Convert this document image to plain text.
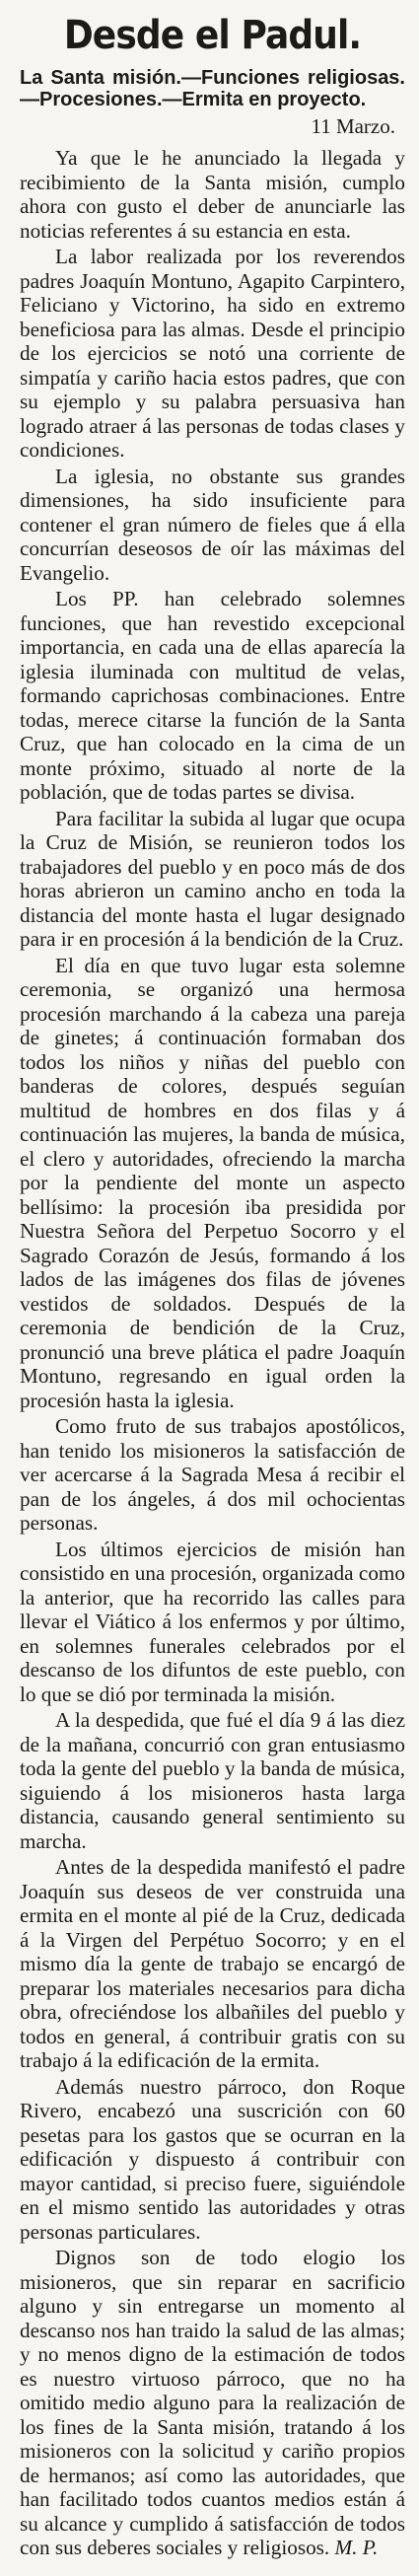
Desde el Padul.
La Santa misión.—Funciones religiosas.—Procesiones.—Ermita en proyecto.
11 Marzo.

Ya que le he anunciado la llegada y recibimiento de la Santa misión, cumplo ahora con gusto el deber de anunciarle las noticias referentes á su estancia en esta.

La labor realizada por los reverendos padres Joaquín Montuno, Agapito Carpintero, Feliciano y Victorino, ha sido en extremo beneficiosa para las almas. Desde el principio de los ejercicios se notó una corriente de simpatía y cariño hacia estos padres, que con su ejemplo y su palabra persuasiva han logrado atraer á las personas de todas clases y condiciones.

La iglesia, no obstante sus grandes dimensiones, ha sido insuficiente para contener el gran número de fieles que á ella concurrían deseosos de oír las máximas del Evangelio.

Los PP. han celebrado solemnes funciones, que han revestido excepcional importancia, en cada una de ellas aparecía la iglesia iluminada con multitud de velas, formando caprichosas combinaciones. Entre todas, merece citarse la función de la Santa Cruz, que han colocado en la cima de un monte próximo, situado al norte de la población, que de todas partes se divisa.

Para facilitar la subida al lugar que ocupa la Cruz de Misión, se reunieron todos los trabajadores del pueblo y en poco más de dos horas abrieron un camino ancho en toda la distancia del monte hasta el lugar designado para ir en procesión á la bendición de la Cruz.

El día en que tuvo lugar esta solemne ceremonia, se organizó una hermosa procesión marchando á la cabeza una pareja de ginetes; á continuación formaban dos todos los niños y niñas del pueblo con banderas de colores, después seguían multitud de hombres en dos filas y á continuación las mujeres, la banda de música, el clero y autoridades, ofreciendo la marcha por la pendiente del monte un aspecto bellísimo: la procesión iba presidida por Nuestra Señora del Perpetuo Socorro y el Sagrado Corazón de Jesús, formando á los lados de las imágenes dos filas de jóvenes vestidos de soldados. Después de la ceremonia de bendición de la Cruz, pronunció una breve plática el padre Joaquín Montuno, regresando en igual orden la procesión hasta la iglesia.

Como fruto de sus trabajos apostólicos, han tenido los misioneros la satisfacción de ver acercarse á la Sagrada Mesa á recibir el pan de los ángeles, á dos mil ochocientas personas.

Los últimos ejercicios de misión han consistido en una procesión, organizada como la anterior, que ha recorrido las calles para llevar el Viático á los enfermos y por último, en solemnes funerales celebrados por el descanso de los difuntos de este pueblo, con lo que se dió por terminada la misión.

A la despedida, que fué el día 9 á las diez de la mañana, concurrió con gran entusiasmo toda la gente del pueblo y la banda de música, siguiendo á los misioneros hasta larga distancia, causando general sentimiento su marcha.

Antes de la despedida manifestó el padre Joaquín sus deseos de ver construida una ermita en el monte al pié de la Cruz, dedicada á la Virgen del Perpétuo Socorro; y en el mismo día la gente de trabajo se encargó de preparar los materiales necesarios para dicha obra, ofreciéndose los albañiles del pueblo y todos en general, á contribuir gratis con su trabajo á la edificación de la ermita.

Además nuestro párroco, don Roque Rivero, encabezó una suscrición con 60 pesetas para los gastos que se ocurran en la edificación y dispuesto á contribuir con mayor cantidad, si preciso fuere, siguiéndole en el mismo sentido las autoridades y otras personas particulares.

Dignos son de todo elogio los misioneros, que sin reparar en sacrificio alguno y sin entregarse un momento al descanso nos han traido la salud de las almas; y no menos digno de la estimación de todos es nuestro virtuoso párroco, que no ha omitido medio alguno para la realización de los fines de la Santa misión, tratando á los misioneros con la solicitud y cariño propios de hermanos; así como las autoridades, que han facilitado todos cuantos medios están á su alcance y cumplido á satisfacción de todos con sus deberes sociales y religiosos. M. P.
